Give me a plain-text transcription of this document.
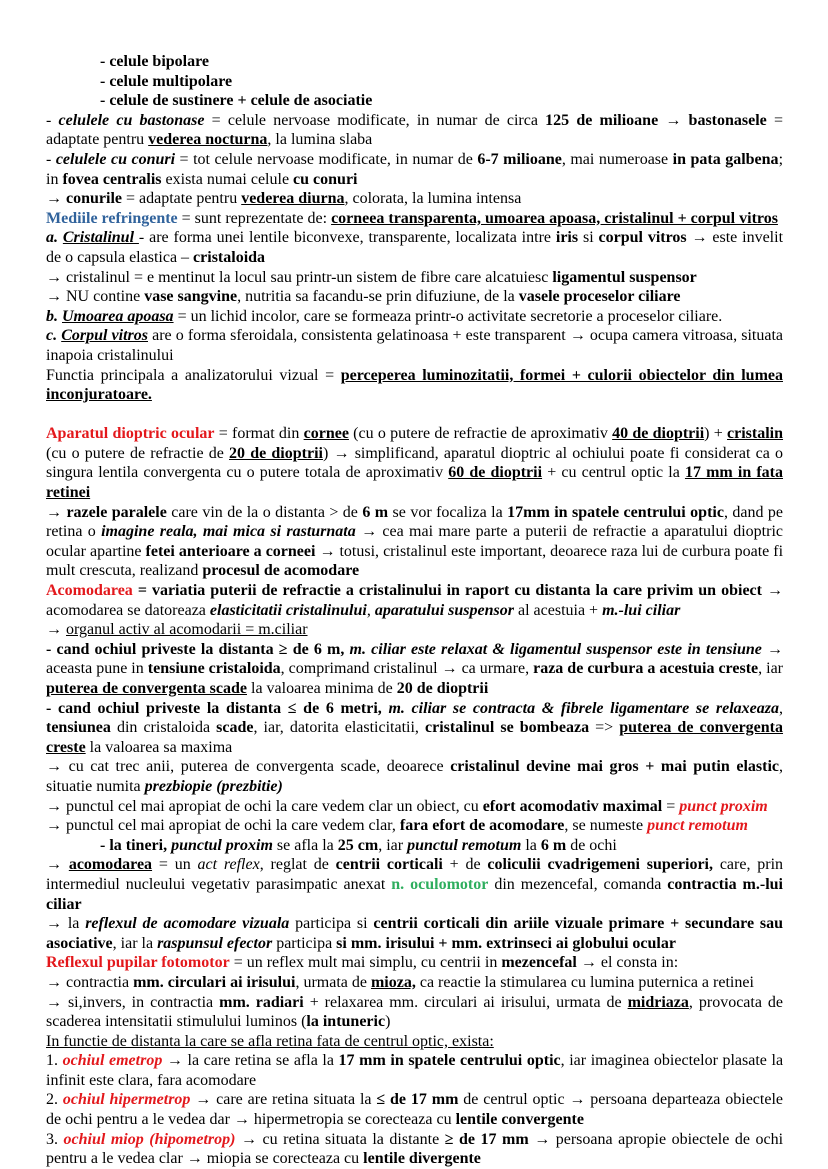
- celule bipolare

- celule multipolare

- celule de sustinere + celule de asociatie

- celulele cu bastonase = celule nervoase modificate, in numar de circa 125 de milioane → bastonasele = adaptate pentru vederea nocturna, la lumina slaba

- celulele cu conuri = tot celule nervoase modificate, in numar de 6-7 milioane, mai numeroase in pata galbena; in fovea centralis exista numai celule cu conuri

→ conurile = adaptate pentru vederea diurna, colorata, la lumina intensa

Mediile refringente = sunt reprezentate de: corneea transparenta, umoarea apoasa, cristalinul + corpul vitros

a. Cristalinul - are forma unei lentile biconvexe, transparente, localizata intre iris si corpul vitros → este invelit de o capsula elastica – cristaloida

→ cristalinul = e mentinut la locul sau printr-un sistem de fibre care alcatuiesc ligamentul suspensor

→ NU contine vase sangvine, nutritia sa facandu-se prin difuziune, de la vasele proceselor ciliare

b. Umoarea apoasa = un lichid incolor, care se formeaza printr-o activitate secretorie a proceselor ciliare.

c. Corpul vitros are o forma sferoidala, consistenta gelatinoasa + este transparent → ocupa camera vitroasa, situata inapoia cristalinului

Functia principala a analizatorului vizual = perceperea luminozitatii, formei + culorii obiectelor din lumea inconjuratoare.

Aparatul dioptric ocular = format din cornee (cu o putere de refractie de aproximativ 40 de dioptrii) + cristalin (cu o putere de refractie de 20 de dioptrii) → simplificand, aparatul dioptric al ochiului poate fi considerat ca o singura lentila convergenta cu o putere totala de aproximativ 60 de dioptrii + cu centrul optic la 17 mm in fata retinei

→ razele paralele care vin de la o distanta > de 6 m se vor focaliza la 17mm in spatele centrului optic, dand pe retina o imagine reala, mai mica si rasturnata → cea mai mare parte a puterii de refractie a aparatului dioptric ocular apartine fetei anterioare a corneei → totusi, cristalinul este important, deoarece raza lui de curbura poate fi mult crescuta, realizand procesul de acomodare

Acomodarea = variatia puterii de refractie a cristalinului in raport cu distanta la care privim un obiect → acomodarea se datoreaza elasticitatii cristalinului, aparatului suspensor al acestuia + m.-lui ciliar

→ organul activ al acomodarii = m.ciliar

- cand ochiul priveste la distanta ≥ de 6 m, m. ciliar este relaxat & ligamentul suspensor este in tensiune → aceasta pune in tensiune cristaloida, comprimand cristalinul → ca urmare, raza de curbura a acestuia creste, iar puterea de convergenta scade la valoarea minima de 20 de dioptrii

- cand ochiul priveste la distanta ≤ de 6 metri, m. ciliar se contracta & fibrele ligamentare se relaxeaza, tensiunea din cristaloida scade, iar, datorita elasticitatii, cristalinul se bombeaza => puterea de convergenta creste la valoarea sa maxima

→ cu cat trec anii, puterea de convergenta scade, deoarece cristalinul devine mai gros + mai putin elastic, situatie numita prezbiopie (prezbitie)

→ punctul cel mai apropiat de ochi la care vedem clar un obiect, cu efort acomodativ maximal = punct proxim

→ punctul cel mai apropiat de ochi la care vedem clar, fara efort de acomodare, se numeste punct remotum

- la tineri, punctul proxim se afla la 25 cm, iar punctul remotum la 6 m de ochi

→ acomodarea = un act reflex, reglat de centrii corticali + de coliculii cvadrigemeni superiori, care, prin intermediul nucleului vegetativ parasimpatic anexat n. oculomotor din mezencefal, comanda contractia m.-lui ciliar

→ la reflexul de acomodare vizuala participa si centrii corticali din ariile vizuale primare + secundare sau asociative, iar la raspunsul efector participa si mm. irisului + mm. extrinseci ai globului ocular

Reflexul pupilar fotomotor = un reflex mult mai simplu, cu centrii in mezencefal → el consta in:

→ contractia mm. circulari ai irisului, urmata de mioza, ca reactie la stimularea cu lumina puternica a retinei

→ si,invers, in contractia mm. radiari + relaxarea mm. circulari ai irisului, urmata de midriaza, provocata de scaderea intensitatii stimulului luminos (la intuneric)

In functie de distanta la care se afla retina fata de centrul optic, exista:

1. ochiul emetrop → la care retina se afla la 17 mm in spatele centrului optic, iar imaginea obiectelor plasate la infinit este clara, fara acomodare

2. ochiul hipermetrop → care are retina situata la ≤ de 17 mm de centrul optic → persoana departeaza obiectele de ochi pentru a le vedea dar → hipermetropia se corecteaza cu lentile convergente

3. ochiul miop (hipometrop) → cu retina situata la distante ≥ de 17 mm → persoana apropie obiectele de ochi pentru a le vedea clar → miopia se corecteaza cu lentile divergente
